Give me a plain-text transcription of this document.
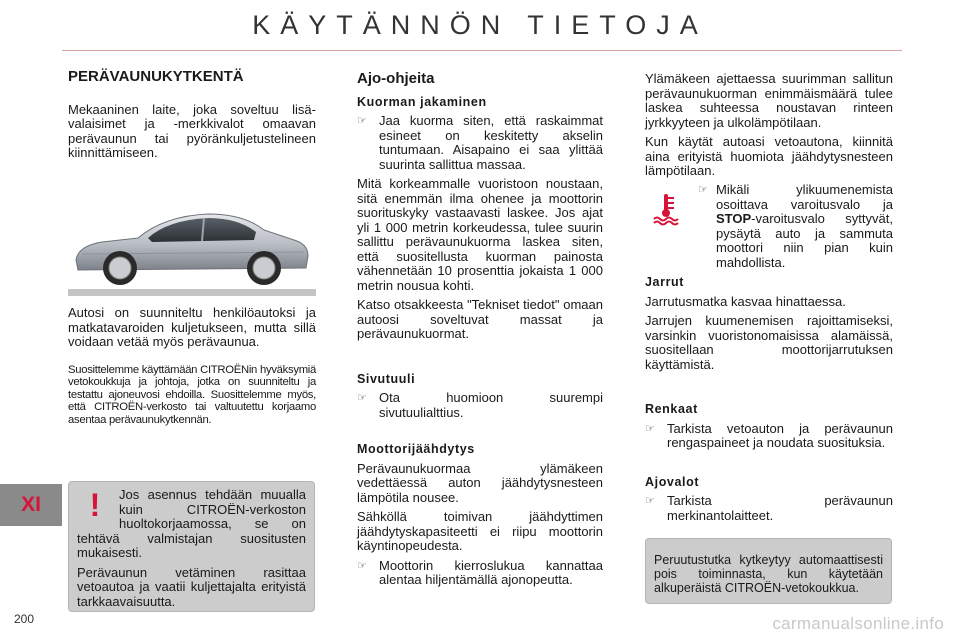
KÄYTÄNNÖN TIETOJA
PERÄVAUNUKYTKENTÄ

Mekaaninen laite, joka soveltuu lisä-valaisimet ja -merkkivalot omaavan perävaunun tai pyöränkuljetustelineen kiinnittämiseen.

Autosi on suunniteltu henkilöautoksi ja matkatavaroiden kuljetukseen, mutta sillä voidaan vetää myös perävaunua.

Suosittelemme käyttämään CITROËNin hyväksymiä vetokoukkuja ja johtoja, jotka on suunniteltu ja testattu ajoneuvosi ehdoilla. Suosittelemme myös, että CITROËN-verkosto tai valtuutettu korjaamo asentaa perävaunukytkennän.

!	Jos asennus tehdään muualla kuin CITROËN-verkoston huoltokorjaamossa, se on tehtävä valmistajan suositusten mukaisesti.

Perävaunun vetäminen rasittaa vetoautoa ja vaatii kuljettajalta erityistä tarkkaavaisuutta.

Ajo-ohjeita
Kuorman jakaminen
☞ Jaa kuorma siten, että raskaimmat esineet on keskitetty akselin tuntumaan. Aisapaino ei saa ylittää suurinta sallittua massaa.

Mitä korkeammalle vuoristoon noustaan, sitä enemmän ilma ohenee ja moottorin suorituskyky vastaavasti laskee. Jos ajat yli 1 000 metrin korkeudessa, tulee suurin sallittu perävaunukuorma laskea siten, että suositellusta kuorman painosta vähennetään 10 prosenttia jokaista 1 000 metrin nousua kohti.

Katso otsakkeesta "Tekniset tiedot" omaan autoosi soveltuvat massat ja perävaunukuormat.

Sivutuuli
☞ Ota huomioon suurempi sivutuulialttius.
Moottorijäähdytys

Perävaunukuormaa ylämäkeen vedettäessä auton jäähdytysnesteen lämpötila nousee.

Sähköllä toimivan jäähdyttimen jäähdytyskapasiteetti ei riipu moottorin käyntinopeudesta.

☞ Moottorin kierroslukua kannattaa alentaa hiljentämällä ajonopeutta.

Ylämäkeen ajettaessa suurimman sallitun perävaunukuorman enimmäismäärä tulee laskea suhteessa noustavan rinteen jyrkkyyteen ja ulkolämpötilaan.

Kun käytät autoasi vetoautona, kiinnitä aina erityistä huomiota jäähdytysnesteen lämpötilaan.

☞ Mikäli ylikuumenemista osoittava varoitusvalo ja STOP-varoitusvalo syttyvät, pysäytä auto ja sammuta moottori niin pian kuin mahdollista.
Jarrut

Jarrutusmatka kasvaa hinattaessa.

Jarrujen kuumenemisen rajoittamiseksi, varsinkin vuoristonomaisissa alamäissä, suositellaan moottorijarrutuksen käyttämistä.

Renkaat
☞ Tarkista vetoauton ja perävaunun rengaspaineet ja noudata suosituksia.
Ajovalot
☞ Tarkista perävaunun merkinantolaitteet.
Peruutustutka kytkeytyy automaattisesti pois toiminnasta, kun käytetään alkuperäistä CITROËN-vetokoukkua.
XI
200	carmanualsonline.info
